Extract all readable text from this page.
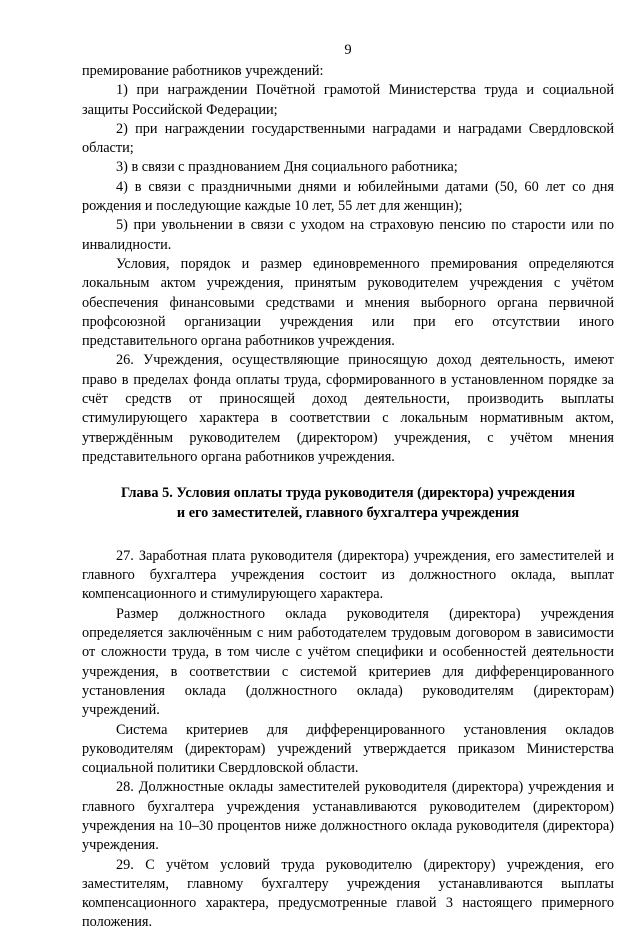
9

премирование работников учреждений:

1) при награждении Почётной грамотой Министерства труда и социальной защиты Российской Федерации;

2) при награждении государственными наградами и наградами Свердловской области;

3) в связи с празднованием Дня социального работника;

4) в связи с праздничными днями и юбилейными датами (50, 60 лет со дня рождения и последующие каждые 10 лет, 55 лет для женщин);

5) при увольнении в связи с уходом на страховую пенсию по старости или по инвалидности.

Условия, порядок и размер единовременного премирования определяются локальным актом учреждения, принятым руководителем учреждения с учётом обеспечения финансовыми средствами и мнения выборного органа первичной профсоюзной организации учреждения или при его отсутствии иного представительного органа работников учреждения.

26. Учреждения, осуществляющие приносящую доход деятельность, имеют право в пределах фонда оплаты труда, сформированного в установленном порядке за счёт средств от приносящей доход деятельности, производить выплаты стимулирующего характера в соответствии с локальным нормативным актом, утверждённым руководителем (директором) учреждения, с учётом мнения представительного органа работников учреждения.

Глава 5. Условия оплаты труда руководителя (директора) учреждения
и его заместителей, главного бухгалтера учреждения

27. Заработная плата руководителя (директора) учреждения, его заместителей и главного бухгалтера учреждения состоит из должностного оклада, выплат компенсационного и стимулирующего характера.

Размер должностного оклада руководителя (директора) учреждения определяется заключённым с ним работодателем трудовым договором в зависимости от сложности труда, в том числе с учётом специфики и особенностей деятельности учреждения, в соответствии с системой критериев для дифференцированного установления оклада (должностного оклада) руководителям (директорам) учреждений.

Система критериев для дифференцированного установления окладов руководителям (директорам) учреждений утверждается приказом Министерства социальной политики Свердловской области.

28. Должностные оклады заместителей руководителя (директора) учреждения и главного бухгалтера учреждения устанавливаются руководителем (директором) учреждения на 10–30 процентов ниже должностного оклада руководителя (директора) учреждения.

29. С учётом условий труда руководителю (директору) учреждения, его заместителям, главному бухгалтеру учреждения устанавливаются выплаты компенсационного характера, предусмотренные главой 3 настоящего примерного положения.
